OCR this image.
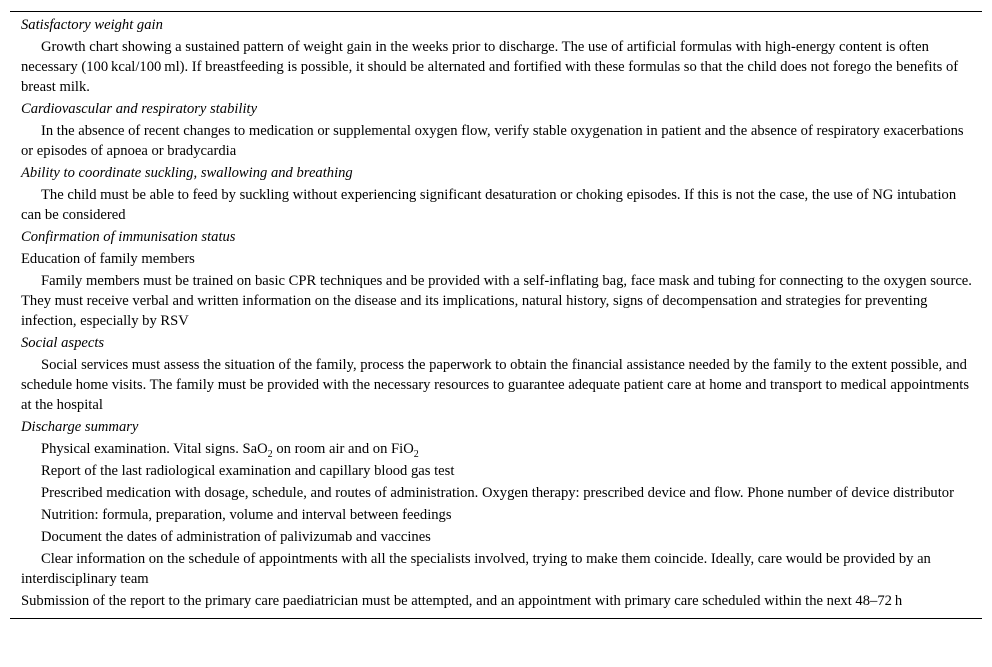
Satisfactory weight gain
Growth chart showing a sustained pattern of weight gain in the weeks prior to discharge. The use of artificial formulas with high-energy content is often necessary (100 kcal/100 ml). If breastfeeding is possible, it should be alternated and fortified with these formulas so that the child does not forego the benefits of breast milk.
Cardiovascular and respiratory stability
In the absence of recent changes to medication or supplemental oxygen flow, verify stable oxygenation in patient and the absence of respiratory exacerbations or episodes of apnoea or bradycardia
Ability to coordinate suckling, swallowing and breathing
The child must be able to feed by suckling without experiencing significant desaturation or choking episodes. If this is not the case, the use of NG intubation can be considered
Confirmation of immunisation status
Education of family members
Family members must be trained on basic CPR techniques and be provided with a self-inflating bag, face mask and tubing for connecting to the oxygen source. They must receive verbal and written information on the disease and its implications, natural history, signs of decompensation and strategies for preventing infection, especially by RSV
Social aspects
Social services must assess the situation of the family, process the paperwork to obtain the financial assistance needed by the family to the extent possible, and schedule home visits. The family must be provided with the necessary resources to guarantee adequate patient care at home and transport to medical appointments at the hospital
Discharge summary
Physical examination. Vital signs. SaO$_2$ on room air and on FiO$_2$
Report of the last radiological examination and capillary blood gas test
Prescribed medication with dosage, schedule, and routes of administration. Oxygen therapy: prescribed device and flow. Phone number of device distributor
Nutrition: formula, preparation, volume and interval between feedings
Document the dates of administration of palivizumab and vaccines
Clear information on the schedule of appointments with all the specialists involved, trying to make them coincide. Ideally, care would be provided by an interdisciplinary team
Submission of the report to the primary care paediatrician must be attempted, and an appointment with primary care scheduled within the next 48–72 h
